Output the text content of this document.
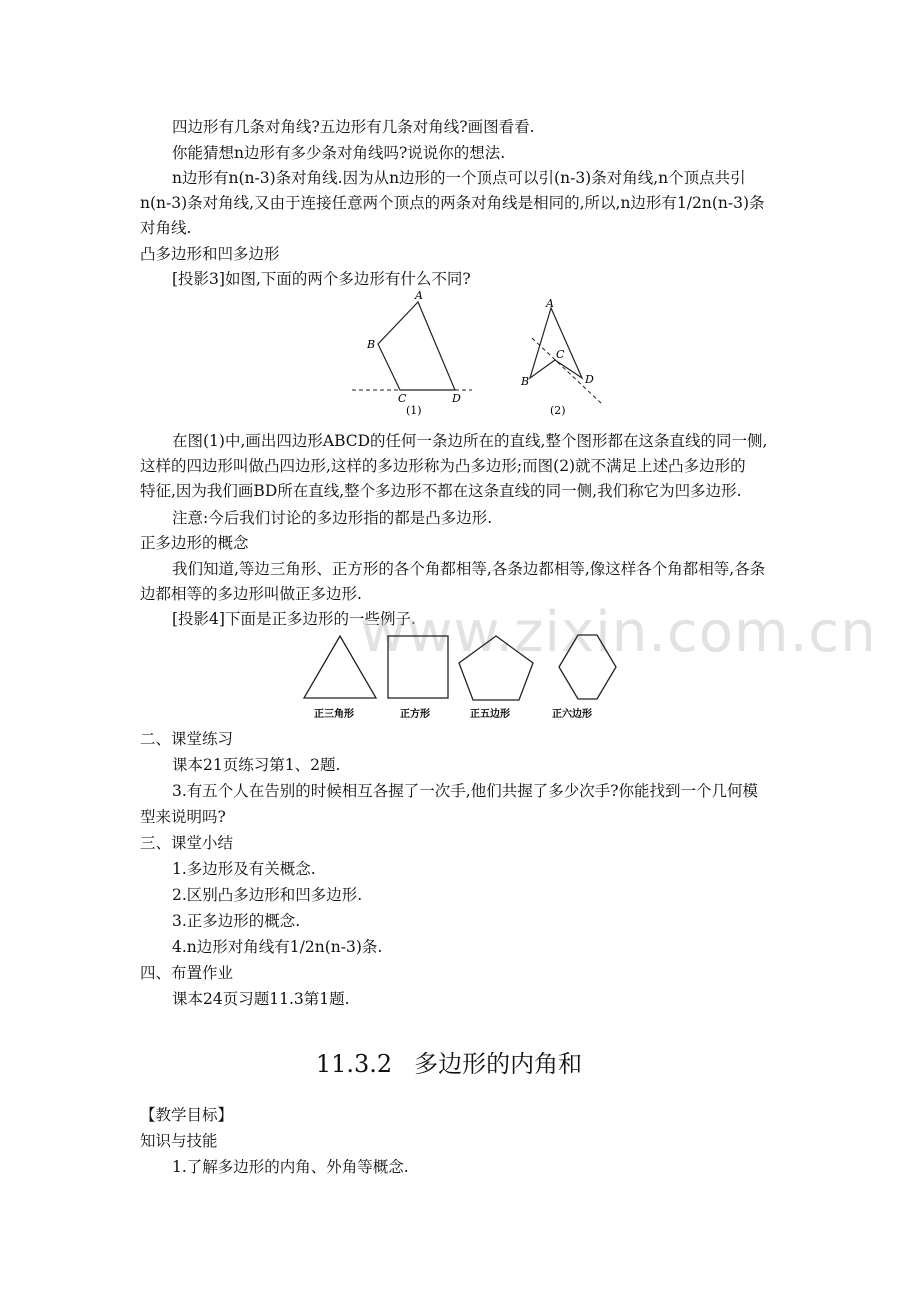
四边形有几条对角线?五边形有几条对角线?画图看看.
你能猜想n边形有多少条对角线吗?说说你的想法.
n边形有n(n-3)条对角线.因为从n边形的一个顶点可以引(n-3)条对角线,n个顶点共引
n(n-3)条对角线,又由于连接任意两个顶点的两条对角线是相同的,所以,n边形有1/2n(n-3)条
对角线.
凸多边形和凹多边形
[投影3]如图,下面的两个多边形有什么不同?
A
B
C	D
(1)
A
B
C
D
(2)
在图(1)中,画出四边形ABCD的任何一条边所在的直线,整个图形都在这条直线的同一侧,
这样的四边形叫做凸四边形,这样的多边形称为凸多边形;而图(2)就不满足上述凸多边形的
特征,因为我们画BD所在直线,整个多边形不都在这条直线的同一侧,我们称它为凹多边形.
注意:今后我们讨论的多边形指的都是凸多边形.
正多边形的概念
我们知道,等边三角形、正方形的各个角都相等,各条边都相等,像这样各个角都相等,各条
边都相等的多边形叫做正多边形.
[投影4]下面是正多边形的一些例子.
www.zixin.com.cn
正三角形	正方形	正五边形	正六边形
二、课堂练习
课本21页练习第1、2题.
3.有五个人在告别的时候相互各握了一次手,他们共握了多少次手?你能找到一个几何模
型来说明吗?
三、课堂小结
1.多边形及有关概念.
2.区别凸多边形和凹多边形.
3.正多边形的概念.
4.n边形对角线有1/2n(n-3)条.
四、布置作业
课本24页习题11.3第1题.
11.3.2 多边形的内角和
【教学目标】
知识与技能
1.了解多边形的内角、外角等概念.
